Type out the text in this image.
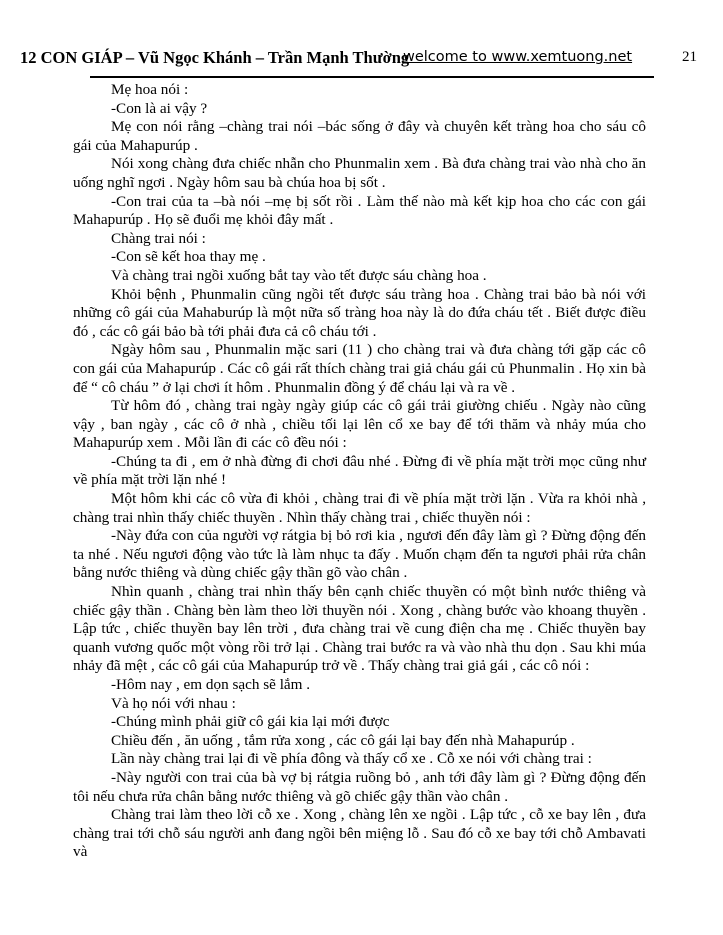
12 CON GIÁP – Vũ Ngọc Khánh – Trần Mạnh Thường
welcome to www.xemtuong.net	21

Mẹ hoa nói :

-Con là ai vậy ?

Mẹ con nói rằng –chàng trai nói –bác sống ở đây và chuyên kết tràng hoa cho sáu cô gái của Mahapurúp .

Nói xong chàng đưa chiếc nhẫn cho Phunmalin xem . Bà đưa chàng trai vào nhà cho ăn uống nghĩ ngơi . Ngày hôm sau bà chúa hoa bị sốt .

-Con trai của ta –bà nói –mẹ bị sốt rồi . Làm thế nào mà kết kịp hoa cho các con gái Mahapurúp . Họ sẽ đuổi mẹ khỏi đây mất .

Chàng trai nói :

-Con sẽ kết hoa thay mẹ .

Và chàng trai ngồi xuống bắt tay vào tết được sáu chàng hoa .

Khỏi bệnh , Phunmalin cũng ngồi tết được sáu tràng hoa . Chàng trai bảo bà nói với những cô gái của Mahaburúp là một nữa số tràng hoa này là do đứa cháu tết . Biết được điều đó , các cô gái bảo bà tới phải đưa cả cô cháu tới .

Ngày hôm sau , Phunmalin mặc sari (11 ) cho chàng trai và đưa chàng tới gặp các cô con gái của Mahapurúp . Các cô gái rất thích chàng trai giả cháu gái củ Phunmalin . Họ xin bà để “ cô cháu ” ở lại chơi ít hôm . Phunmalin đồng ý để cháu lại và ra về .

Từ hôm đó , chàng trai ngày ngày giúp các cô gái trải giường chiếu . Ngày nào cũng vậy , ban ngày , các cô ở nhà , chiều tối lại lên cổ xe bay để tới thăm và nhảy múa cho Mahapurúp xem . Mỗi lần đi các cô đều nói :

-Chúng ta đi , em ở nhà đừng đi chơi đâu nhé . Đừng đi về phía mặt trời mọc cũng như về phía mặt trời lặn nhé !

Một hôm khi các cô vừa đi khỏi , chàng trai đi về phía mặt trời lặn . Vừa ra khỏi nhà , chàng trai nhìn thấy chiếc thuyền . Nhìn thấy chàng trai , chiếc thuyền nói :

-Này đứa con của người vợ rátgia bị bỏ rơi kia , ngươi đến đây làm gì ? Đừng động đến ta nhé . Nếu ngươi động vào tức là làm nhục ta đấy . Muốn chạm đến ta ngươi phải rửa chân bằng nước thiêng và dùng chiếc gậy thần gõ vào chân .

Nhìn quanh , chàng trai nhìn thấy bên cạnh chiếc thuyền có một bình nước thiêng và chiếc gậy thần . Chàng bèn làm theo lời thuyền nói . Xong , chàng bước vào khoang thuyền . Lập tức , chiếc thuyền bay lên trời , đưa chàng trai về cung điện cha mẹ . Chiếc thuyền bay quanh vương quốc một vòng rồi trở lại . Chàng trai bước ra và vào nhà thu dọn . Sau khi múa nhảy đã mệt , các cô gái của Mahapurúp trở về . Thấy chàng trai giả gái , các cô nói :

-Hôm nay , em dọn sạch sẽ lắm .

Và họ nói với nhau :

-Chúng mình phải giữ cô gái kia lại mới được

Chiều đến , ăn uống , tắm rửa xong , các cô gái lại bay đến nhà Mahapurúp .

Lần này chàng trai lại đi về phía đông và thấy cổ xe . Cỗ xe nói với chàng trai :

-Này người con trai của bà vợ bị rátgia ruồng bỏ , anh tới đây làm gì ? Đừng động đến tôi nếu chưa rửa chân bằng nước thiêng và gõ chiếc gậy thần vào chân .

Chàng trai làm theo lời cỗ xe . Xong , chàng lên xe ngồi . Lập tức , cỗ xe bay lên , đưa chàng trai tới chỗ sáu người anh đang ngồi bên miệng lỗ . Sau đó cỗ xe bay tới chỗ Ambavati và
